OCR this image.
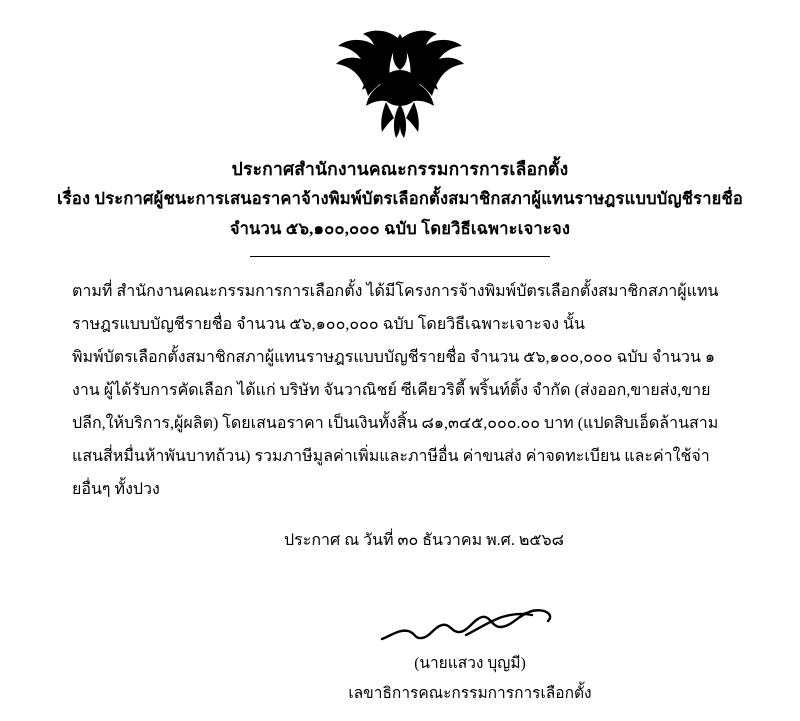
ประกาศสำนักงานคณะกรรมการการเลือกตั้ง
เรื่อง ประกาศผู้ชนะการเสนอราคาจ้างพิมพ์บัตรเลือกตั้งสมาชิกสภาผู้แทนราษฎรแบบบัญชีรายชื่อ
จำนวน ๕๖,๑๐๐,๐๐๐ ฉบับ โดยวิธีเฉพาะเจาะจง

ตามที่ สำนักงานคณะกรรมการการเลือกตั้ง ได้มีโครงการจ้างพิมพ์บัตรเลือกตั้งสมาชิกสภาผู้แทนราษฎรแบบบัญชีรายชื่อ จำนวน ๕๖,๑๐๐,๐๐๐ ฉบับ โดยวิธีเฉพาะเจาะจง นั้น

พิมพ์บัตรเลือกตั้งสมาชิกสภาผู้แทนราษฎรแบบบัญชีรายชื่อ จำนวน ๕๖,๑๐๐,๐๐๐ ฉบับ จำนวน ๑ งาน ผู้ได้รับการคัดเลือก ได้แก่ บริษัท จันวาณิชย์ ซีเคียวริตี้ พริ้นท์ติ้ง จำกัด (ส่งออก,ขายส่ง,ขายปลีก,ให้บริการ,ผู้ผลิต) โดยเสนอราคา เป็นเงินทั้งสิ้น ๘๑,๓๔๕,๐๐๐.๐๐ บาท (แปดสิบเอ็ดล้านสามแสนสี่หมื่นห้าพันบาทถ้วน) รวมภาษีมูลค่าเพิ่มและภาษีอื่น ค่าขนส่ง ค่าจดทะเบียน และค่าใช้จ่ายอื่นๆ ทั้งปวง

ประกาศ ณ วันที่ ๓๐ ธันวาคม พ.ศ. ๒๕๖๘
(นายแสวง บุญมี)
เลขาธิการคณะกรรมการการเลือกตั้ง
